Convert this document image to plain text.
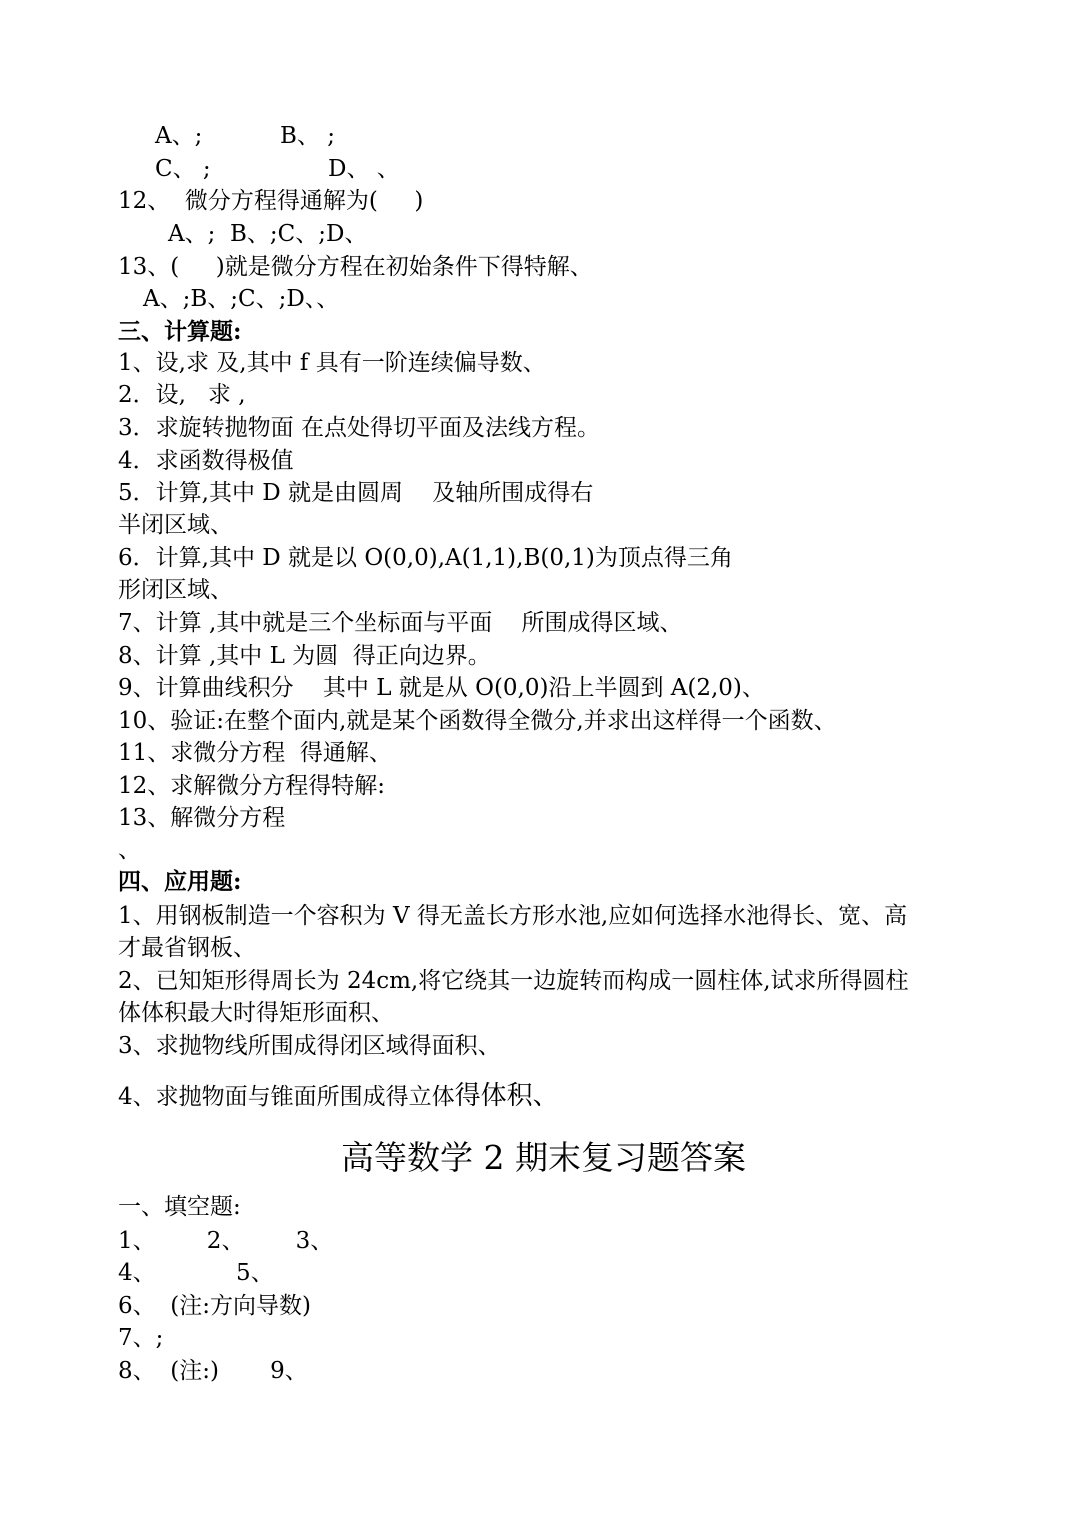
A、;	B、 ;
C、 ;	D、 、
12、  微分方程得通解为(     )
A、;  B、;C、;D、
13、(     )就是微分方程在初始条件下得特解、
A、;B、;C、;D、、
三、计算题:
1、设,求 及,其中 f 具有一阶连续偏导数、
2．设,   求 ,
3．求旋转抛物面 在点处得切平面及法线方程。
4．求函数得极值
5．计算,其中 D 就是由圆周    及轴所围成得右
半闭区域、
6．计算,其中 D 就是以 O(0,0),A(1,1),B(0,1)为顶点得三角
形闭区域、
7、计算 ,其中就是三个坐标面与平面    所围成得区域、
8、计算 ,其中 L 为圆  得正向边界。
9、计算曲线积分    其中 L 就是从 O(0,0)沿上半圆到 A(2,0)、
10、验证:在整个面内,就是某个函数得全微分,并求出这样得一个函数、
11、求微分方程  得通解、
12、求解微分方程得特解:
13、解微分方程
、
四、应用题:
1、用钢板制造一个容积为 V 得无盖长方形水池,应如何选择水池得长、宽、高
才最省钢板、
2、已知矩形得周长为 24cm,将它绕其一边旋转而构成一圆柱体,试求所得圆柱
体体积最大时得矩形面积、
3、求抛物线所围成得闭区域得面积、
4、求抛物面与锥面所围成得立体得体积、
高等数学 2 期末复习题答案
一、填空题:
1、       2、       3、
4、           5、
6、  (注:方向导数)
7、;
8、  (注:)       9、
